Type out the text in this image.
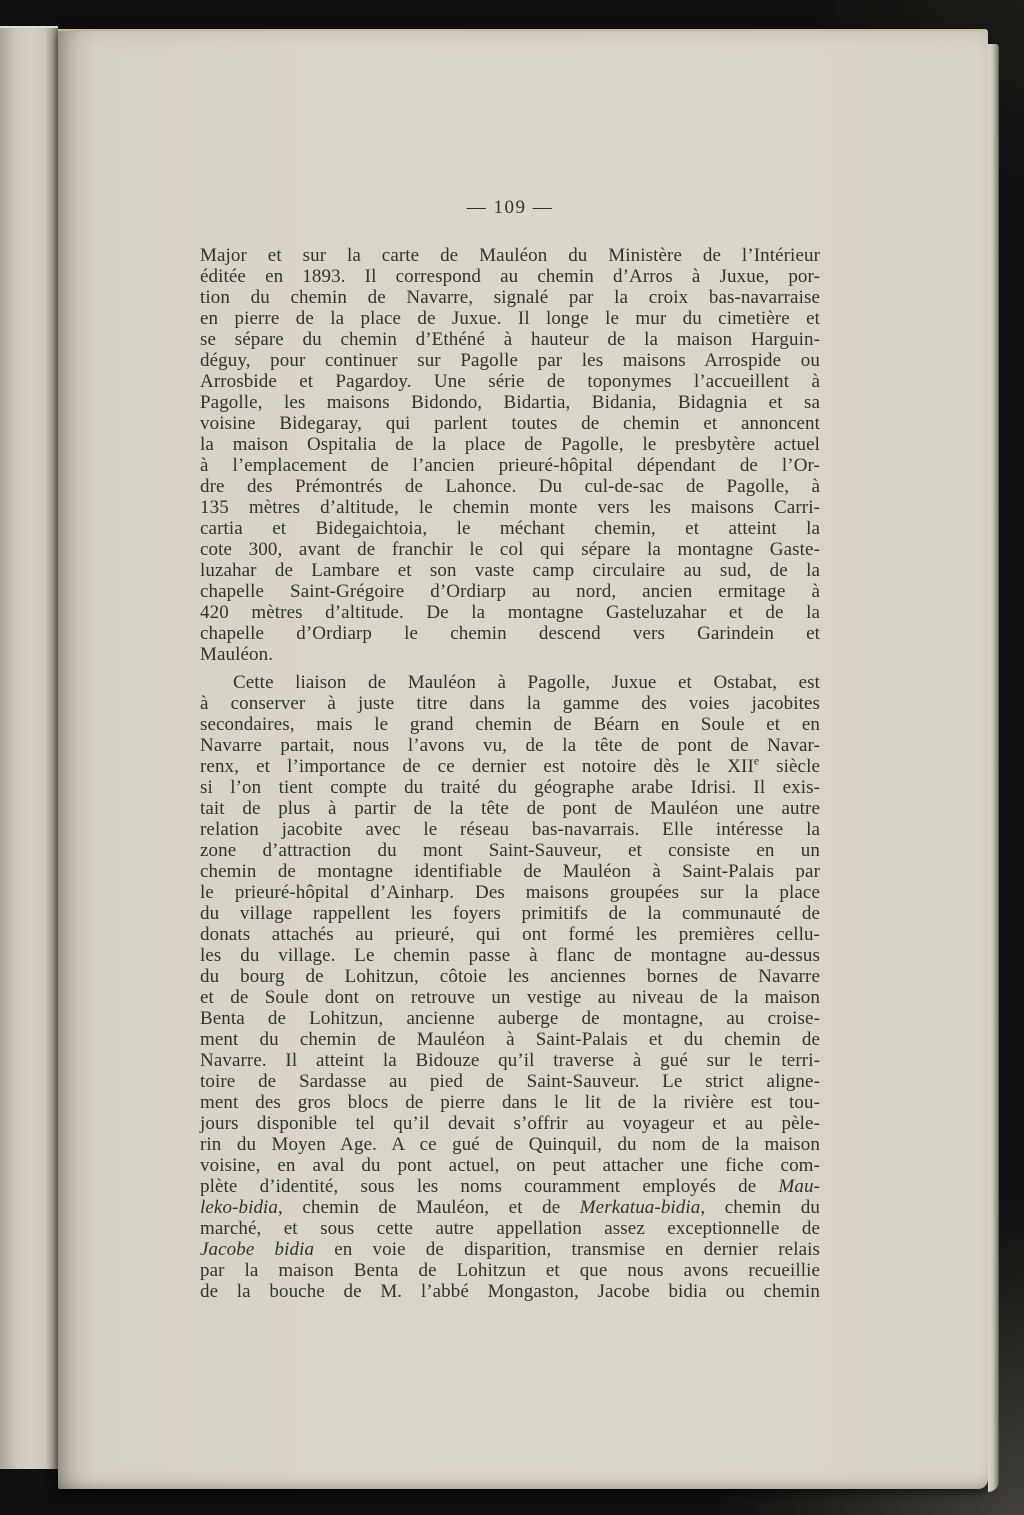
— 109 —
Major et sur la carte de Mauléon du Ministère de l’Intérieur
éditée en 1893. Il correspond au chemin d’Arros à Juxue, por-
tion du chemin de Navarre, signalé par la croix bas-navarraise
en pierre de la place de Juxue. Il longe le mur du cimetière et
se sépare du chemin d’Ethéné à hauteur de la maison Harguin-
déguy, pour continuer sur Pagolle par les maisons Arrospide ou
Arrosbide et Pagardoy. Une série de toponymes l’accueillent à
Pagolle, les maisons Bidondo, Bidartia, Bidania, Bidagnia et sa
voisine Bidegaray, qui parlent toutes de chemin et annoncent
la maison Ospitalia de la place de Pagolle, le presbytère actuel
à l’emplacement de l’ancien prieuré-hôpital dépendant de l’Or-
dre des Prémontrés de Lahonce. Du cul-de-sac de Pagolle, à
135 mètres d’altitude, le chemin monte vers les maisons Carri-
cartia et Bidegaichtoia, le méchant chemin, et atteint la
cote 300, avant de franchir le col qui sépare la montagne Gaste-
luzahar de Lambare et son vaste camp circulaire au sud, de la
chapelle Saint-Grégoire d’Ordiarp au nord, ancien ermitage à
420 mètres d’altitude. De la montagne Gasteluzahar et de la
chapelle d’Ordiarp le chemin descend vers Garindein et
Mauléon.
Cette liaison de Mauléon à Pagolle, Juxue et Ostabat, est
à conserver à juste titre dans la gamme des voies jacobites
secondaires, mais le grand chemin de Béarn en Soule et en
Navarre partait, nous l’avons vu, de la tête de pont de Navar-
renx, et l’importance de ce dernier est notoire dès le XIIe siècle
si l’on tient compte du traité du géographe arabe Idrisi. Il exis-
tait de plus à partir de la tête de pont de Mauléon une autre
relation jacobite avec le réseau bas-navarrais. Elle intéresse la
zone d’attraction du mont Saint-Sauveur, et consiste en un
chemin de montagne identifiable de Mauléon à Saint-Palais par
le prieuré-hôpital d’Ainharp. Des maisons groupées sur la place
du village rappellent les foyers primitifs de la communauté de
donats attachés au prieuré, qui ont formé les premières cellu-
les du village. Le chemin passe à flanc de montagne au-dessus
du bourg de Lohitzun, côtoie les anciennes bornes de Navarre
et de Soule dont on retrouve un vestige au niveau de la maison
Benta de Lohitzun, ancienne auberge de montagne, au croise-
ment du chemin de Mauléon à Saint-Palais et du chemin de
Navarre. Il atteint la Bidouze qu’il traverse à gué sur le terri-
toire de Sardasse au pied de Saint-Sauveur. Le strict aligne-
ment des gros blocs de pierre dans le lit de la rivière est tou-
jours disponible tel qu’il devait s’offrir au voyageur et au pèle-
rin du Moyen Age. A ce gué de Quinquil, du nom de la maison
voisine, en aval du pont actuel, on peut attacher une fiche com-
plète d’identité, sous les noms couramment employés de Mau-
leko-bidia, chemin de Mauléon, et de Merkatua-bidia, chemin du
marché, et sous cette autre appellation assez exceptionnelle de
Jacobe bidia en voie de disparition, transmise en dernier relais
par la maison Benta de Lohitzun et que nous avons recueillie
de la bouche de M. l’abbé Mongaston, Jacobe bidia ou chemin
